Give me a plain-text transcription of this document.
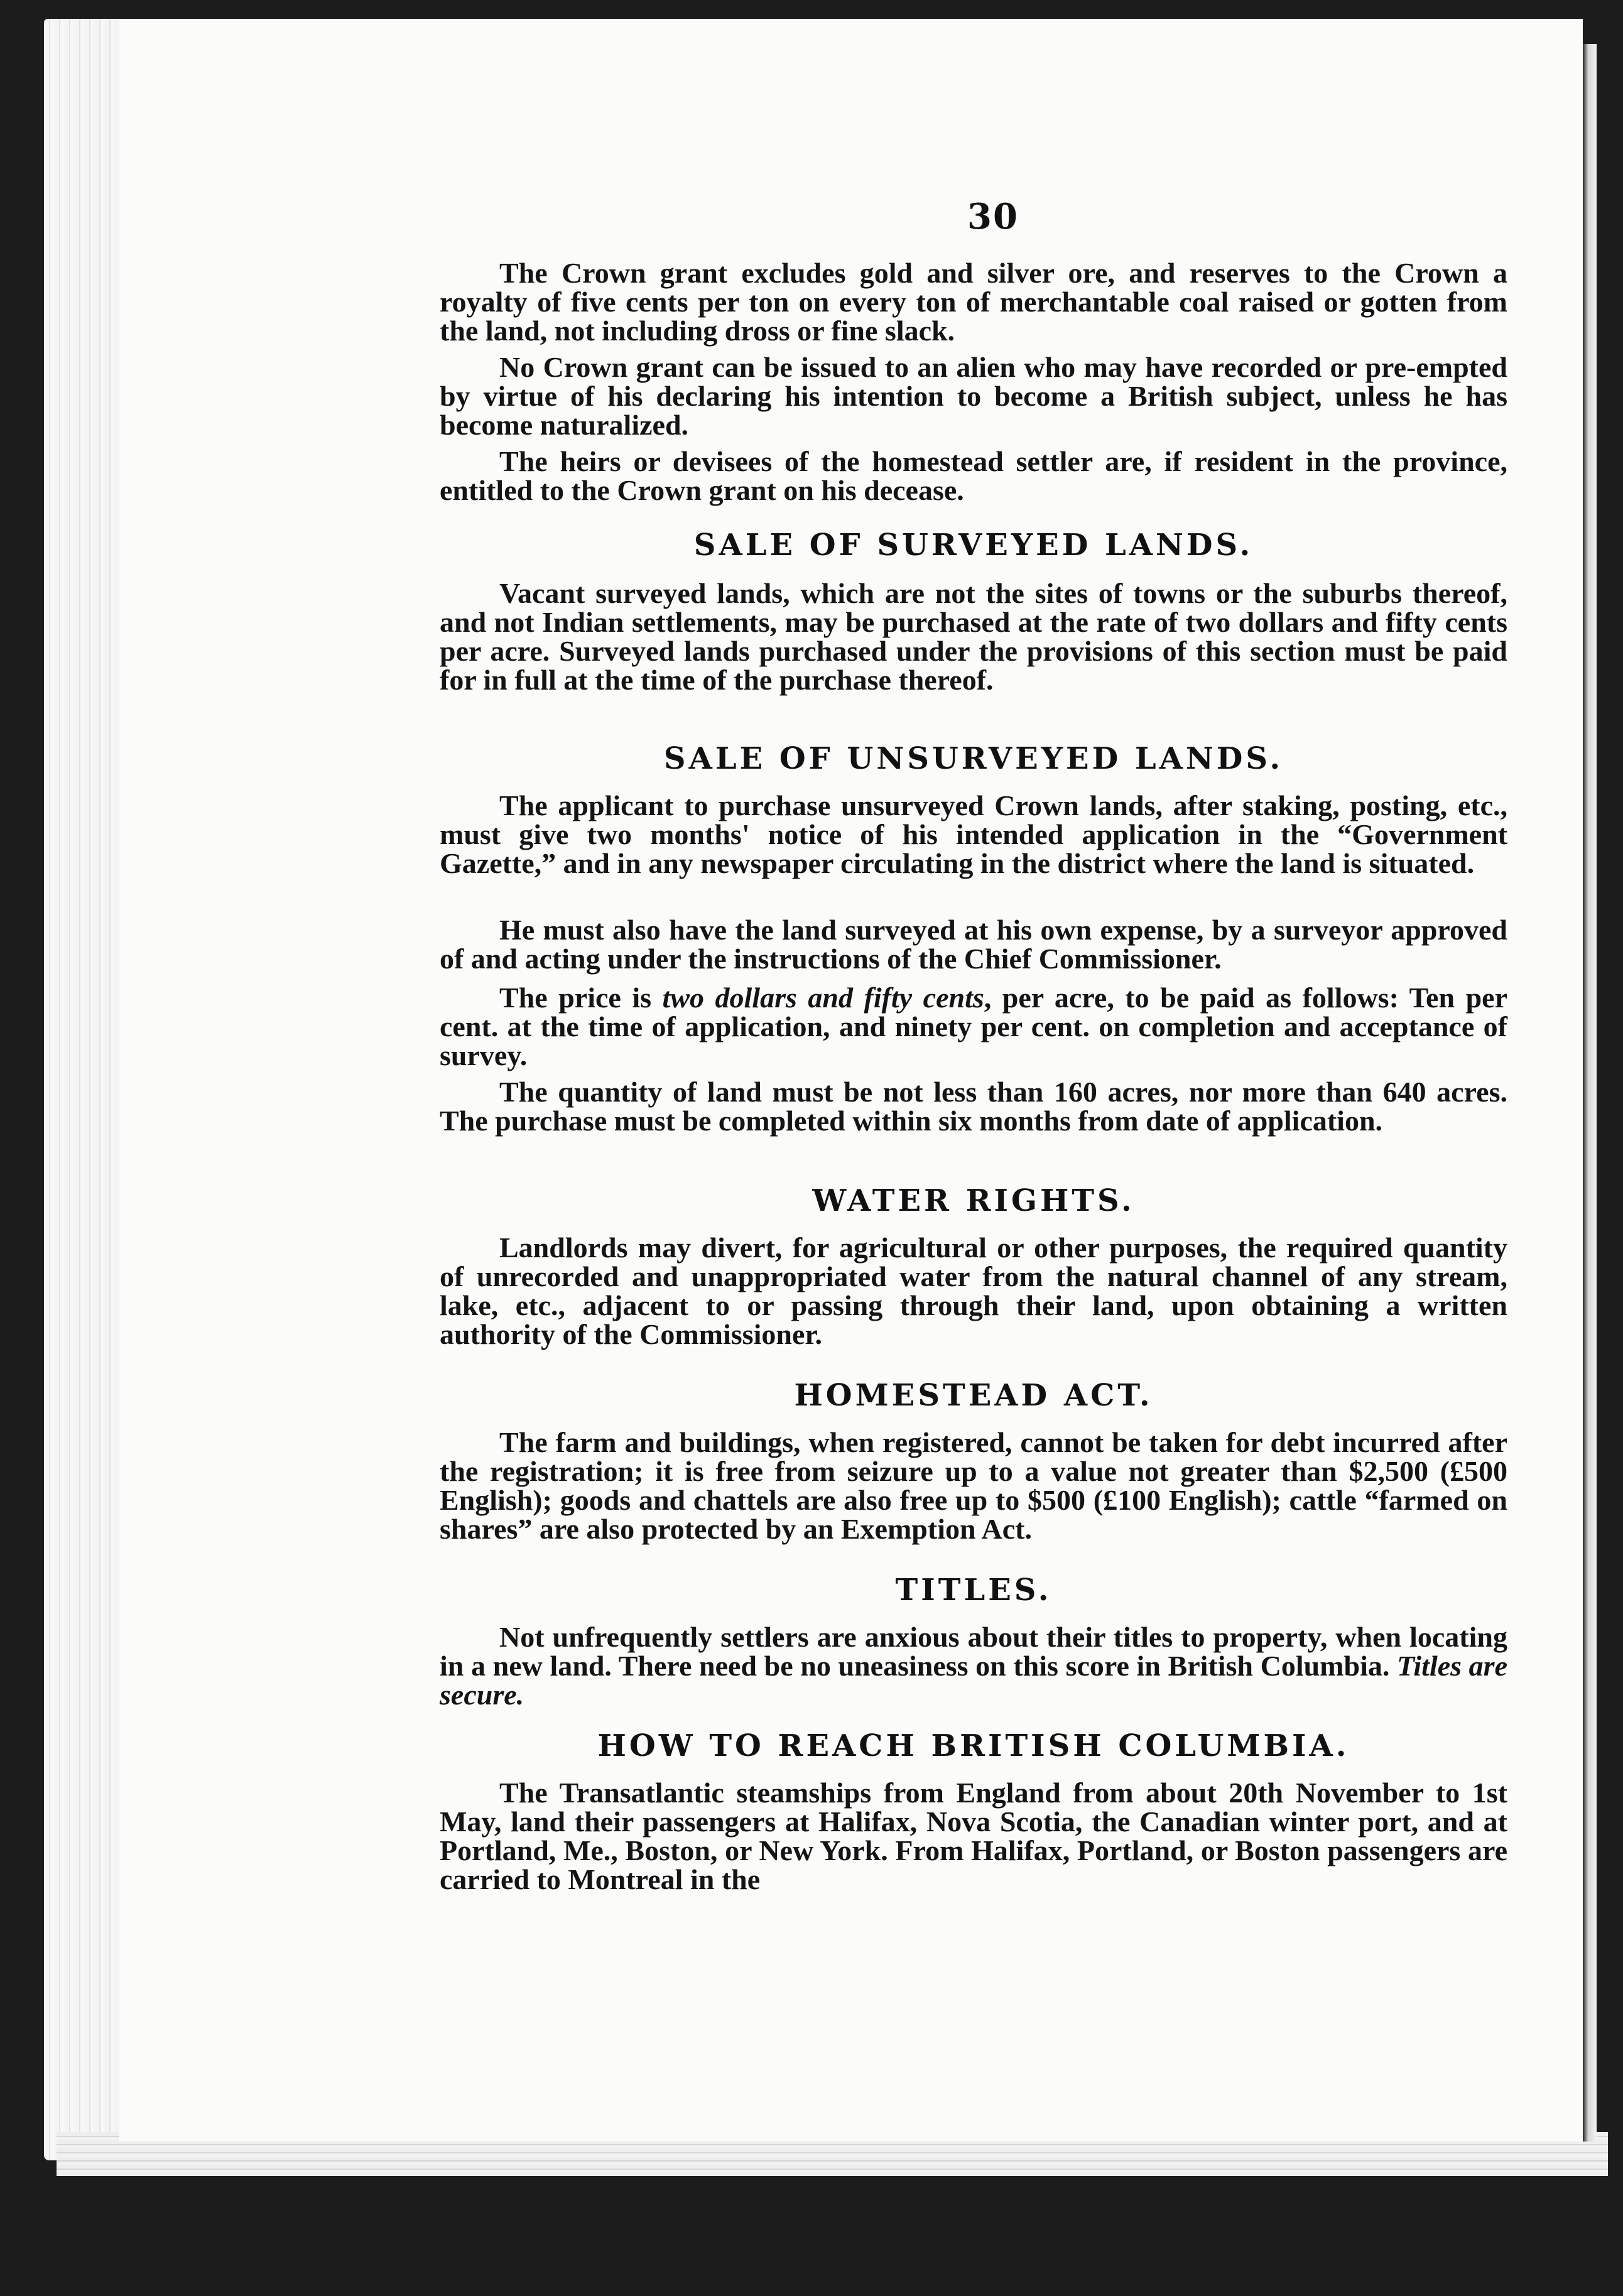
30

The Crown grant excludes gold and silver ore, and reserves to the Crown a royalty of five cents per ton on every ton of merchantable coal raised or gotten from the land, not including dross or fine slack.

No Crown grant can be issued to an alien who may have recorded or pre-empted by virtue of his declaring his intention to become a British subject, unless he has become naturalized.

The heirs or devisees of the homestead settler are, if resident in the province, entitled to the Crown grant on his decease.

SALE OF SURVEYED LANDS.

Vacant surveyed lands, which are not the sites of towns or the suburbs thereof, and not Indian settlements, may be purchased at the rate of two dollars and fifty cents per acre. Surveyed lands purchased under the provisions of this section must be paid for in full at the time of the purchase thereof.

SALE OF UNSURVEYED LANDS.

The applicant to purchase unsurveyed Crown lands, after staking, posting, etc., must give two months' notice of his intended application in the “Government Gazette,” and in any newspaper circulating in the district where the land is situated.

He must also have the land surveyed at his own expense, by a surveyor approved of and acting under the instructions of the Chief Commissioner.

The price is two dollars and fifty cents, per acre, to be paid as follows: Ten per cent. at the time of application, and ninety per cent. on completion and acceptance of survey.

The quantity of land must be not less than 160 acres, nor more than 640 acres. The purchase must be completed within six months from date of application.

WATER RIGHTS.

Landlords may divert, for agricultural or other purposes, the required quantity of unrecorded and unappropriated water from the natural channel of any stream, lake, etc., adjacent to or passing through their land, upon obtaining a written authority of the Commissioner.

HOMESTEAD ACT.

The farm and buildings, when registered, cannot be taken for debt incurred after the registration; it is free from seizure up to a value not greater than $2,500 (£500 English); goods and chattels are also free up to $500 (£100 English); cattle “farmed on shares” are also protected by an Exemption Act.

TITLES.

Not unfrequently settlers are anxious about their titles to property, when locating in a new land. There need be no uneasiness on this score in British Columbia. Titles are secure.

HOW TO REACH BRITISH COLUMBIA.

The Transatlantic steamships from England from about 20th November to 1st May, land their passengers at Halifax, Nova Scotia, the Canadian winter port, and at Portland, Me., Boston, or New York. From Halifax, Portland, or Boston passengers are carried to Montreal in the
